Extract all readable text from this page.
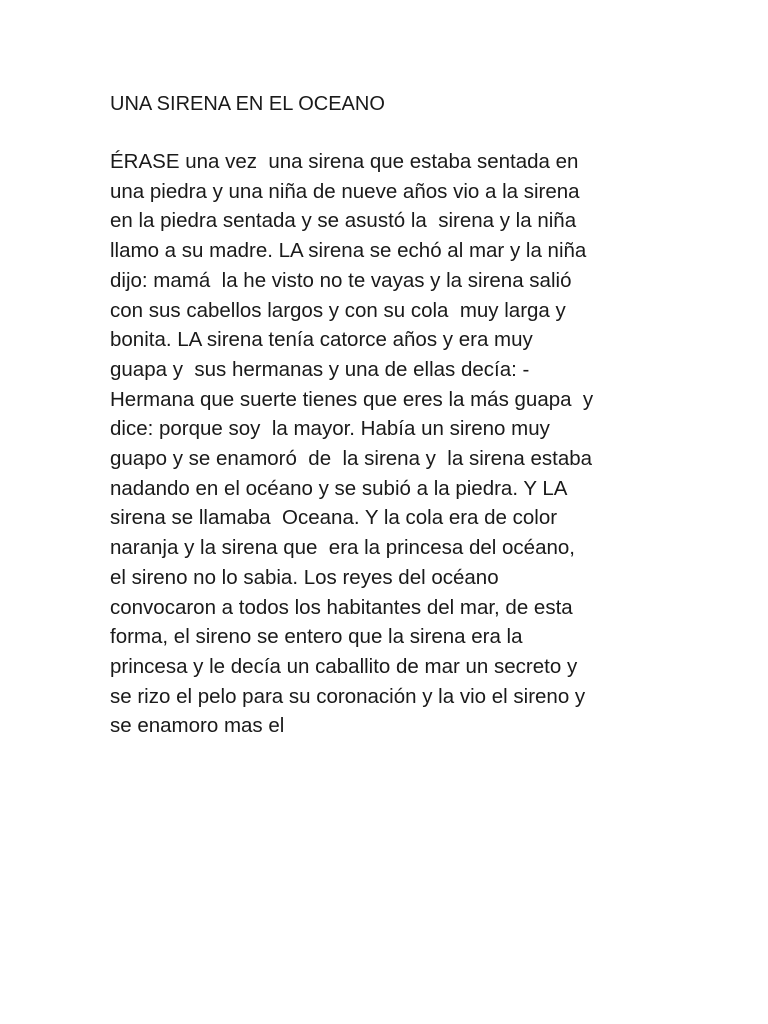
UNA SIRENA EN EL OCEANO
ÉRASE una vez  una sirena que estaba sentada en
una piedra y una niña de nueve años vio a la sirena
en la piedra sentada y se asustó la  sirena y la niña
llamo a su madre. LA sirena se echó al mar y la niña
dijo: mamá  la he visto no te vayas y la sirena salió
con sus cabellos largos y con su cola  muy larga y
bonita. LA sirena tenía catorce años y era muy
guapa y  sus hermanas y una de ellas decía: -
Hermana que suerte tienes que eres la más guapa  y
dice: porque soy  la mayor. Había un sireno muy
guapo y se enamoró  de  la sirena y  la sirena estaba
nadando en el océano y se subió a la piedra. Y LA
sirena se llamaba  Oceana. Y la cola era de color
naranja y la sirena que  era la princesa del océano,
el sireno no lo sabia. Los reyes del océano
convocaron a todos los habitantes del mar, de esta
forma, el sireno se entero que la sirena era la
princesa y le decía un caballito de mar un secreto y
se rizo el pelo para su coronación y la vio el sireno y
se enamoro mas el
